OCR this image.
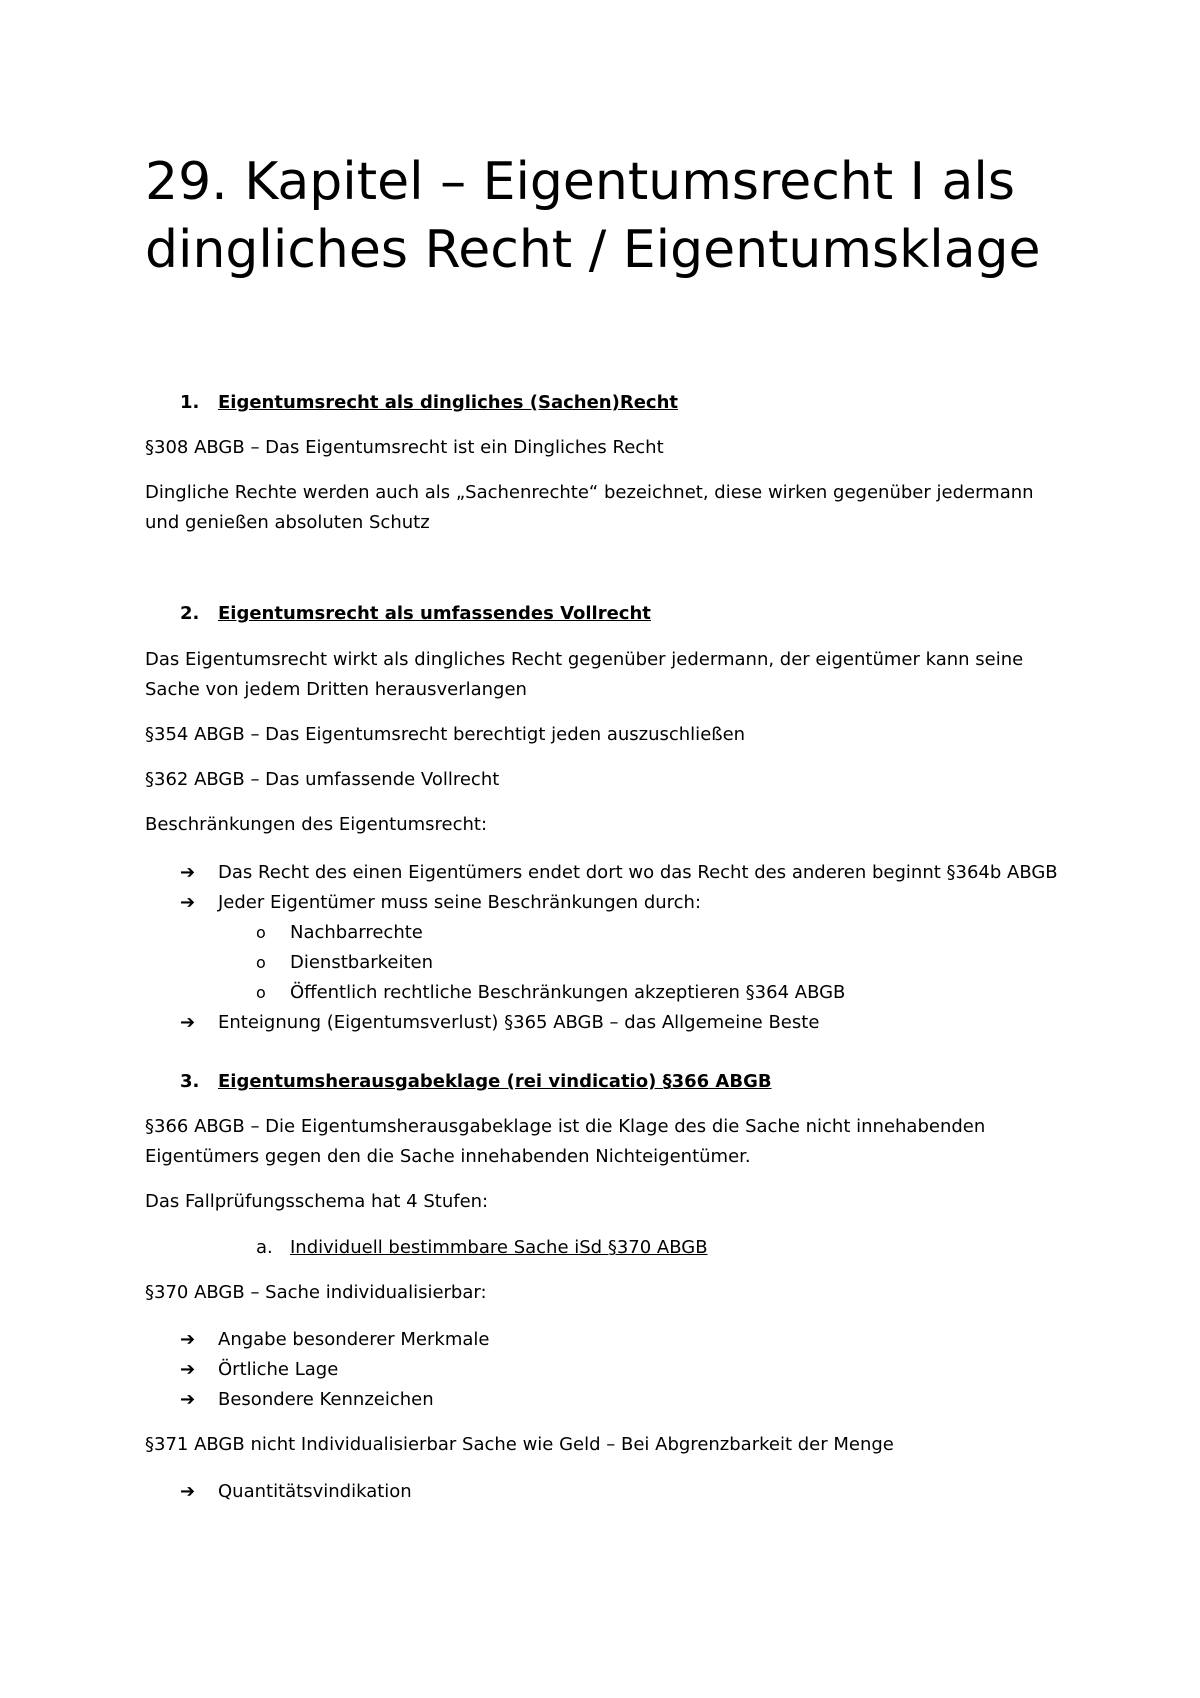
29. Kapitel – Eigentumsrecht I als dingliches Recht / Eigentumsklage
1. Eigentumsrecht als dingliches (Sachen)Recht

§308 ABGB – Das Eigentumsrecht ist ein Dingliches Recht

Dingliche Rechte werden auch als „Sachenrechte“ bezeichnet, diese wirken gegenüber jedermann

und genießen absoluten Schutz

2. Eigentumsrecht als umfassendes Vollrecht

Das Eigentumsrecht wirkt als dingliches Recht gegenüber jedermann, der eigentümer kann seine

Sache von jedem Dritten herausverlangen

§354 ABGB – Das Eigentumsrecht berechtigt jeden auszuschließen

§362 ABGB – Das umfassende Vollrecht

Beschränkungen des Eigentumsrecht:

➔ Das Recht des einen Eigentümers endet dort wo das Recht des anderen beginnt §364b ABGB
➔ Jeder Eigentümer muss seine Beschränkungen durch:
o Nachbarrechte
o Dienstbarkeiten
o Öffentlich rechtliche Beschränkungen akzeptieren §364 ABGB
➔ Enteignung (Eigentumsverlust) §365 ABGB – das Allgemeine Beste
3. Eigentumsherausgabeklage (rei vindicatio) §366 ABGB

§366 ABGB – Die Eigentumsherausgabeklage ist die Klage des die Sache nicht innehabenden

Eigentümers gegen den die Sache innehabenden Nichteigentümer.

Das Fallprüfungsschema hat 4 Stufen:

a. Individuell bestimmbare Sache iSd §370 ABGB

§370 ABGB – Sache individualisierbar:

➔ Angabe besonderer Merkmale
➔ Örtliche Lage
➔ Besondere Kennzeichen

§371 ABGB nicht Individualisierbar Sache wie Geld – Bei Abgrenzbarkeit der Menge

➔ Quantitätsvindikation
